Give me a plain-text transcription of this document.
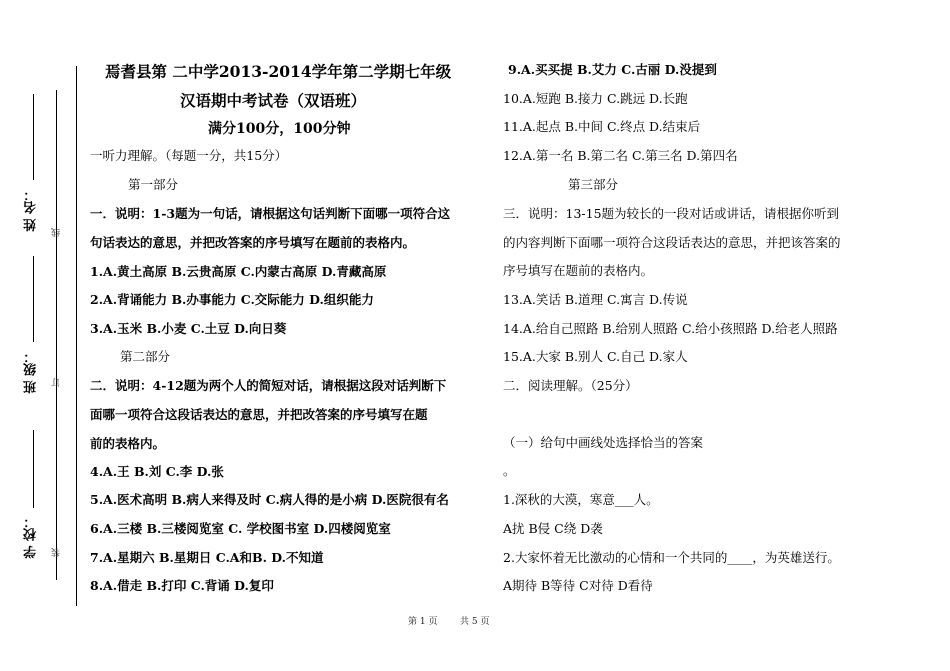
姓 名：
班 级：
学 校：
线
订
装
焉耆县第 二中学2013-2014学年第二学期七年级
汉语期中考试卷（双语班）
满分100分，100分钟
一听力理解。（每题一分，共15分）
第一部分
一．说明：1-3题为一句话，请根据这句话判断下面哪一项符合这
句话表达的意思，并把改答案的序号填写在题前的表格内。
1.A.黄土高原 B.云贵高原 C.内蒙古高原 D.青藏高原
2.A.背诵能力 B.办事能力 C.交际能力 D.组织能力
3.A.玉米 B.小麦 C.土豆 D.向日葵
第二部分
二．说明：4-12题为两个人的简短对话，请根据这段对话判断下
面哪一项符合这段话表达的意思，并把改答案的序号填写在题
前的表格内。
4.A.王 B.刘 C.李 D.张
5.A.医术高明 B.病人来得及时 C.病人得的是小病 D.医院很有名
6.A.三楼 B.三楼阅览室 C. 学校图书室 D.四楼阅览室
7.A.星期六 B.星期日 C.A和B. D.不知道
8.A.借走 B.打印 C.背诵 D.复印
9.A.买买提 B.艾力 C.古丽 D.没提到
10.A.短跑 B.接力 C.跳远 D.长跑
11.A.起点 B.中间 C.终点 D.结束后
12.A.第一名 B.第二名 C.第三名 D.第四名
第三部分
三．说明：13-15题为较长的一段对话或讲话，请根据你听到
的内容判断下面哪一项符合这段话表达的意思，并把该答案的
序号填写在题前的表格内。
13.A.笑话 B.道理 C.寓言 D.传说
14.A.给自己照路 B.给别人照路 C.给小孩照路 D.给老人照路
15.A.大家 B.别人 C.自己 D.家人
二．阅读理解。（25分）
（一）给句中画线处选择恰当的答案
。
1.深秋的大漠，寒意___人。
A扰 B侵 C绕 D袭
2.大家怀着无比激动的心情和一个共同的____，为英雄送行。
A期待 B等待 C对待 D看待
第 1 页	共 5 页
